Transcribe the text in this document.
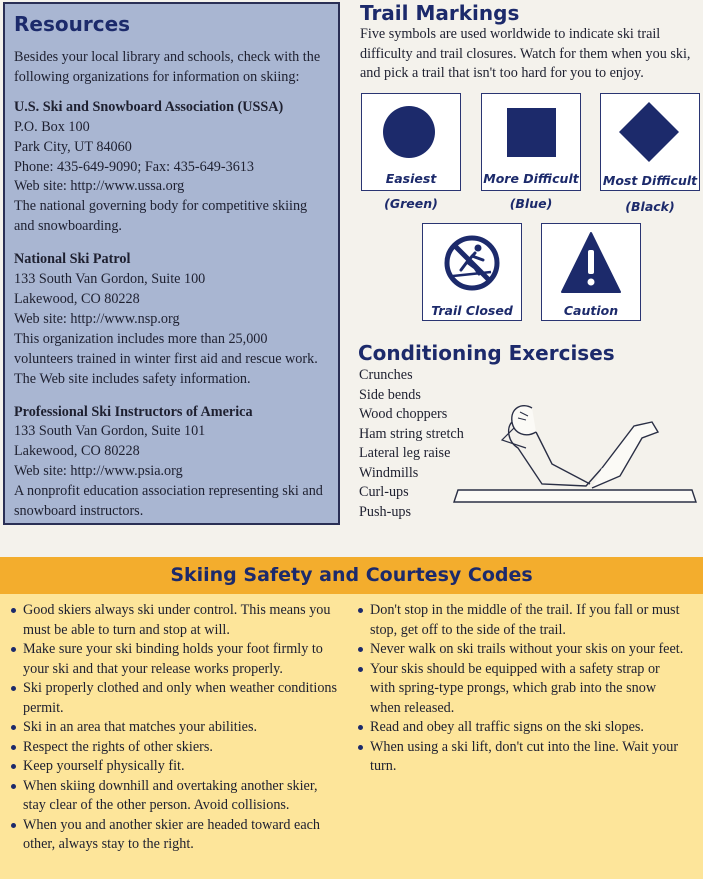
Resources

Besides your local library and schools, check with the following organizations for information on skiing:

U.S. Ski and Snowboard Association (USSA)
P.O. Box 100
Park City, UT 84060
Phone: 435-649-9090; Fax: 435-649-3613
Web site: http://www.ussa.org
The national governing body for competitive skiing and snowboarding.
National Ski Patrol
133 South Van Gordon, Suite 100
Lakewood, CO 80228
Web site: http://www.nsp.org
This organization includes more than 25,000 volunteers trained in winter first aid and rescue work. The Web site includes safety information.
Professional Ski Instructors of America
133 South Van Gordon, Suite 101
Lakewood, CO 80228
Web site: http://www.psia.org
A nonprofit education association representing ski and snowboard instructors.
Trail Markings

Five symbols are used worldwide to indicate ski trail difficulty and trail closures. Watch for them when you ski, and pick a trail that isn't too hard for you to enjoy.

Easiest
(Green)
More Difficult
(Blue)
Most Difficult
(Black)
Trail Closed	Caution
Conditioning Exercises
Crunches
Side bends
Wood choppers
Ham string stretch
Lateral leg raise
Windmills
Curl-ups
Push-ups
Skiing Safety and Courtesy Codes
Good skiers always ski under control. This means you must be able to turn and stop at will.
Make sure your ski binding holds your foot firmly to your ski and that your release works properly.
Ski properly clothed and only when weather conditions permit.
Ski in an area that matches your abilities.
Respect the rights of other skiers.
Keep yourself physically fit.
When skiing downhill and overtaking another skier, stay clear of the other person. Avoid collisions.
When you and another skier are headed toward each other, always stay to the right.
Don't stop in the middle of the trail. If you fall or must stop, get off to the side of the trail.
Never walk on ski trails without your skis on your feet.
Your skis should be equipped with a safety strap or with spring-type prongs, which grab into the snow when released.
Read and obey all traffic signs on the ski slopes.
When using a ski lift, don't cut into the line. Wait your turn.
